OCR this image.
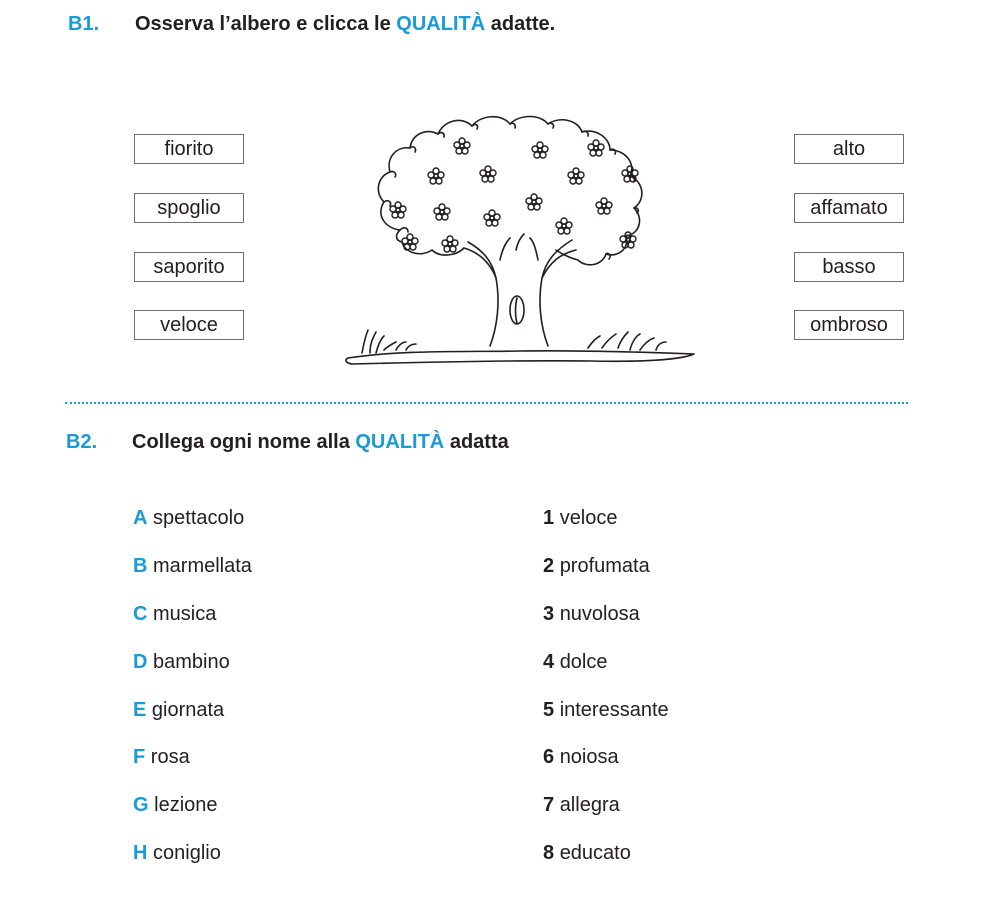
B1. Osserva l’albero e clicca le QUALITÀ adatte.
fiorito
spoglio
saporito
veloce
alto
affamato
basso
ombroso
B2. Collega ogni nome alla QUALITÀ adatta
A spettacolo
B marmellata
C musica
D bambino
E giornata
F rosa
G lezione
H coniglio
1 veloce
2 profumata
3 nuvolosa
4 dolce
5 interessante
6 noiosa
7 allegra
8 educato
